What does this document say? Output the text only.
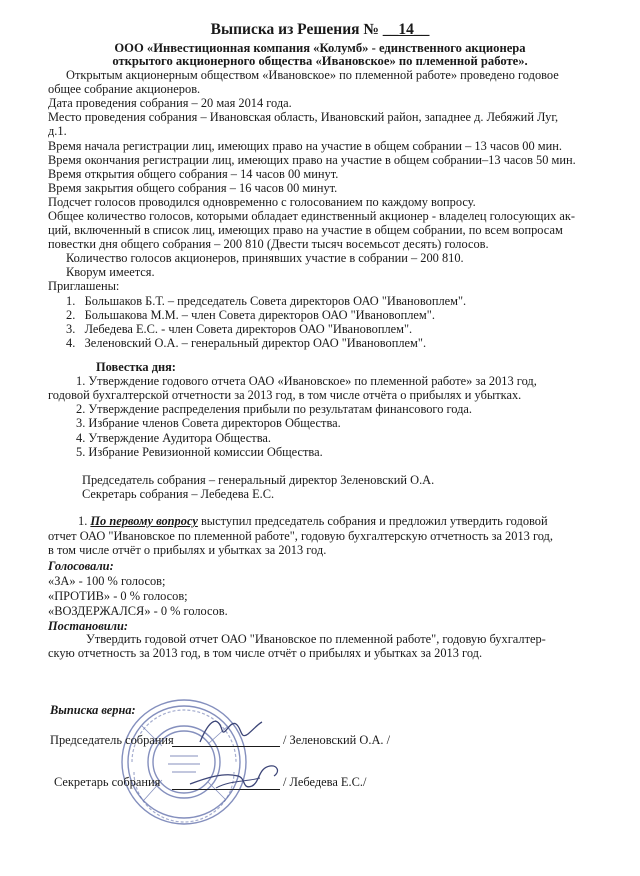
Выписка из Решения № __14__
ООО «Инвестиционная компания «Колумб» - единственного акционера
открытого акционерного общества «Ивановское» по племенной работе».
Открытым акционерным обществом «Ивановское» по племенной работе» проведено годовое
общее собрание акционеров.
Дата проведения собрания – 20 мая 2014 года.
Место проведения собрания – Ивановская область, Ивановский район, западнее д. Лебяжий Луг,
д.1.
Время начала регистрации лиц, имеющих право на участие в общем собрании – 13 часов 00 мин.
Время окончания регистрации лиц, имеющих право на участие в общем собрании–13 часов 50 мин.
Время открытия общего собрания – 14 часов 00 минут.
Время закрытия общего собрания – 16 часов 00 минут.
Подсчет голосов проводился одновременно с голосованием по каждому вопросу.
Общее количество голосов, которыми обладает единственный акционер - владелец голосующих ак-
ций, включенный в список лиц, имеющих право на участие в общем собрании, по всем вопросам
повестки дня общего собрания – 200 810 (Двести тысяч восемьсот десять) голосов.
Количество голосов акционеров, принявших участие в собрании – 200 810.
Кворум имеется.
Приглашены:
1. Большаков Б.Т. – председатель Совета директоров ОАО "Ивановоплем".
2. Большакова М.М. – член Совета директоров ОАО "Ивановоплем".
3. Лебедева Е.С. - член Совета директоров ОАО "Ивановоплем".
4. Зеленовский О.А. – генеральный директор ОАО "Ивановоплем".
Повестка дня:
1. Утверждение годового отчета ОАО «Ивановское» по племенной работе» за 2013 год,
годовой бухгалтерской отчетности за 2013 год, в том числе отчёта о прибылях и убытках.
2. Утверждение распределения прибыли по результатам финансового года.
3. Избрание членов Совета директоров Общества.
4. Утверждение Аудитора Общества.
5. Избрание Ревизионной комиссии Общества.
Председатель собрания – генеральный директор Зеленовский О.А.
Секретарь собрания – Лебедева Е.С.
1. По первому вопросу выступил председатель собрания и предложил утвердить годовой
отчет ОАО "Ивановское по племенной работе", годовую бухгалтерскую отчетность за 2013 год,
в том числе отчёт о прибылях и убытках за 2013 год.
Голосовали:
«ЗА» - 100 % голосов;
«ПРОТИВ» - 0 % голосов;
«ВОЗДЕРЖАЛСЯ» - 0 % голосов.
Постановили:
Утвердить годовой отчет ОАО "Ивановское по племенной работе", годовую бухгалтер-
скую отчетность за 2013 год, в том числе отчёт о прибылях и убытках за 2013 год.
Выписка верна:
Председатель собрания	/ Зеленовский О.А. /
Секретарь собрания	/ Лебедева Е.С./
